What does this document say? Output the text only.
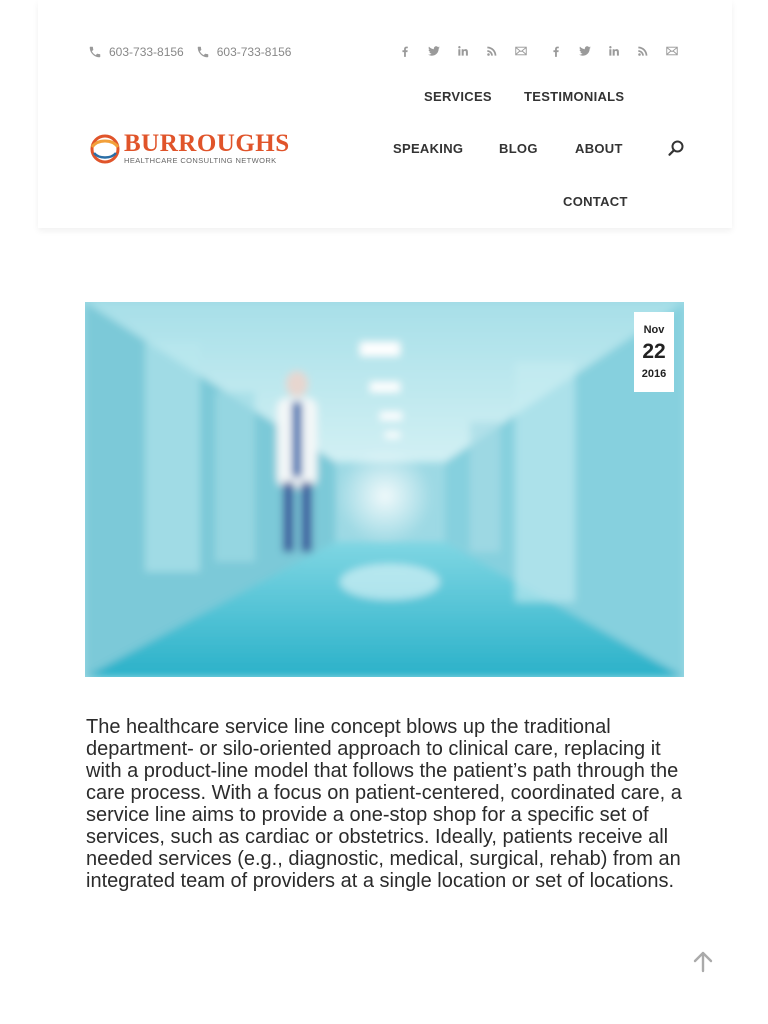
603-733-8156	603-733-8156
BURROUGHS
HEALTHCARE CONSULTING NETWORK
SERVICES TESTIMONIALS
SPEAKING	BLOG	ABOUT
CONTACT
Nov
22
2016

The healthcare service line concept blows up the traditional department- or silo-oriented approach to clinical care, replacing it with a product-line model that follows the patient’s path through the care process. With a focus on patient-centered, coordinated care, a service line aims to provide a one-stop shop for a specific set of services, such as cardiac or obstetrics. Ideally, patients receive all needed services (e.g., diagnostic, medical, surgical, rehab) from an integrated team of providers at a single location or set of locations.
